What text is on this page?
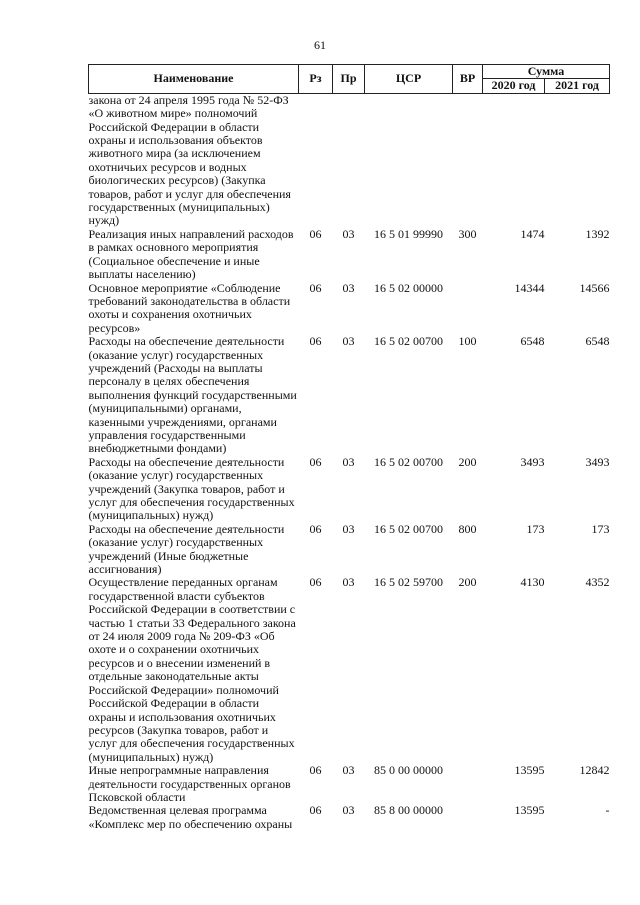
61
Наименование	Рз	Пр	ЦСР	ВР	Сумма	
					2020 год	2021 год
закона от 24 апреля 1995 года № 52-ФЗ «О животном мире» полномочий Российской Федерации в области охраны и использования объектов животного мира (за исключением охотничьих ресурсов и водных биологических ресурсов) (Закупка товаров, работ и услуг для обеспечения государственных (муниципальных) нужд)						
Реализация иных направлений расходов в рамках основного мероприятия (Социальное обеспечение и иные выплаты населению)	06	03	16 5 01 99990	300	1474	1392
Основное мероприятие «Соблюдение требований законодательства в области охоты и сохранения охотничьих ресурсов»	06	03	16 5 02 00000		14344	14566
Расходы на обеспечение деятельности (оказание услуг) государственных учреждений (Расходы на выплаты персоналу в целях обеспечения выполнения функций государственными (муниципальными) органами, казенными учреждениями, органами управления государственными внебюджетными фондами)	06	03	16 5 02 00700	100	6548	6548
Расходы на обеспечение деятельности (оказание услуг) государственных учреждений (Закупка товаров, работ и услуг для обеспечения государственных (муниципальных) нужд)	06	03	16 5 02 00700	200	3493	3493
Расходы на обеспечение деятельности (оказание услуг) государственных учреждений (Иные бюджетные ассигнования)	06	03	16 5 02 00700	800	173	173
Осуществление переданных органам государственной власти субъектов Российской Федерации в соответствии с частью 1 статьи 33 Федерального закона от 24 июля 2009 года № 209-ФЗ «Об охоте и о сохранении охотничьих ресурсов и о внесении изменений в отдельные законодательные акты Российской Федерации» полномочий Российской Федерации в области охраны и использования охотничьих ресурсов (Закупка товаров, работ и услуг для обеспечения государственных (муниципальных) нужд)	06	03	16 5 02 59700	200	4130	4352
Иные непрограммные направления деятельности государственных органов Псковской области	06	03	85 0 00 00000		13595	12842
Ведомственная целевая программа «Комплекс мер по обеспечению охраны	06	03	85 8 00 00000		13595	-
